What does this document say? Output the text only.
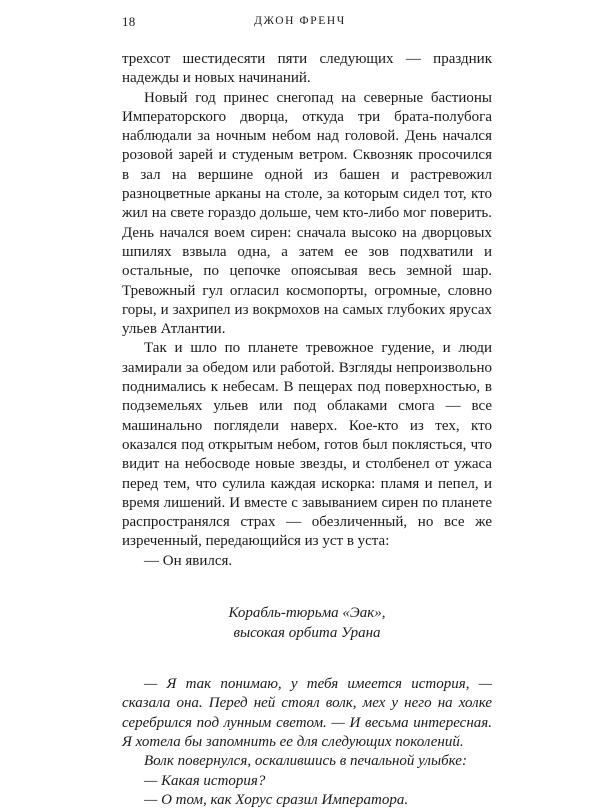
18	ДЖОН ФРЕНЧ

трехсот шестидесяти пяти следующих — праздник надежды и новых начинаний.

Новый год принес снегопад на северные бастионы Императорского дворца, откуда три брата-полубога наблюдали за ночным небом над головой. День начался розовой зарей и студеным ветром. Сквозняк просочился в зал на вершине одной из башен и растревожил разноцветные арканы на столе, за которым сидел тот, кто жил на свете гораздо дольше, чем кто-либо мог поверить. День начался воем сирен: сначала высоко на дворцовых шпилях взвыла одна, а затем ее зов подхватили и остальные, по цепочке опоясывая весь земной шар. Тревожный гул огласил космопорты, огромные, словно горы, и захрипел из вокрмохов на самых глубоких ярусах ульев Атлантии.

Так и шло по планете тревожное гудение, и люди замирали за обедом или работой. Взгляды непроизвольно поднимались к небесам. В пещерах под поверхностью, в подземельях ульев или под облаками смога — все машинально поглядели наверх. Кое-кто из тех, кто оказался под открытым небом, готов был поклясться, что видит на небосводе новые звезды, и столбенел от ужаса перед тем, что сулила каждая искорка: пламя и пепел, и время лишений. И вместе с завыванием сирен по планете распространялся страх — обезличенный, но все же изреченный, передающийся из уст в уста:

— Он явился.

Корабль-тюрьма «Эак»,
высокая орбита Урана

— Я так понимаю, у тебя имеется история, — сказала она. Перед ней стоял волк, мех у него на холке серебрился под лунным светом. — И весьма интересная. Я хотела бы запомнить ее для следующих поколений.

Волк повернулся, оскалившись в печальной улыбке:

— Какая история?

— О том, как Хорус сразил Императора.
